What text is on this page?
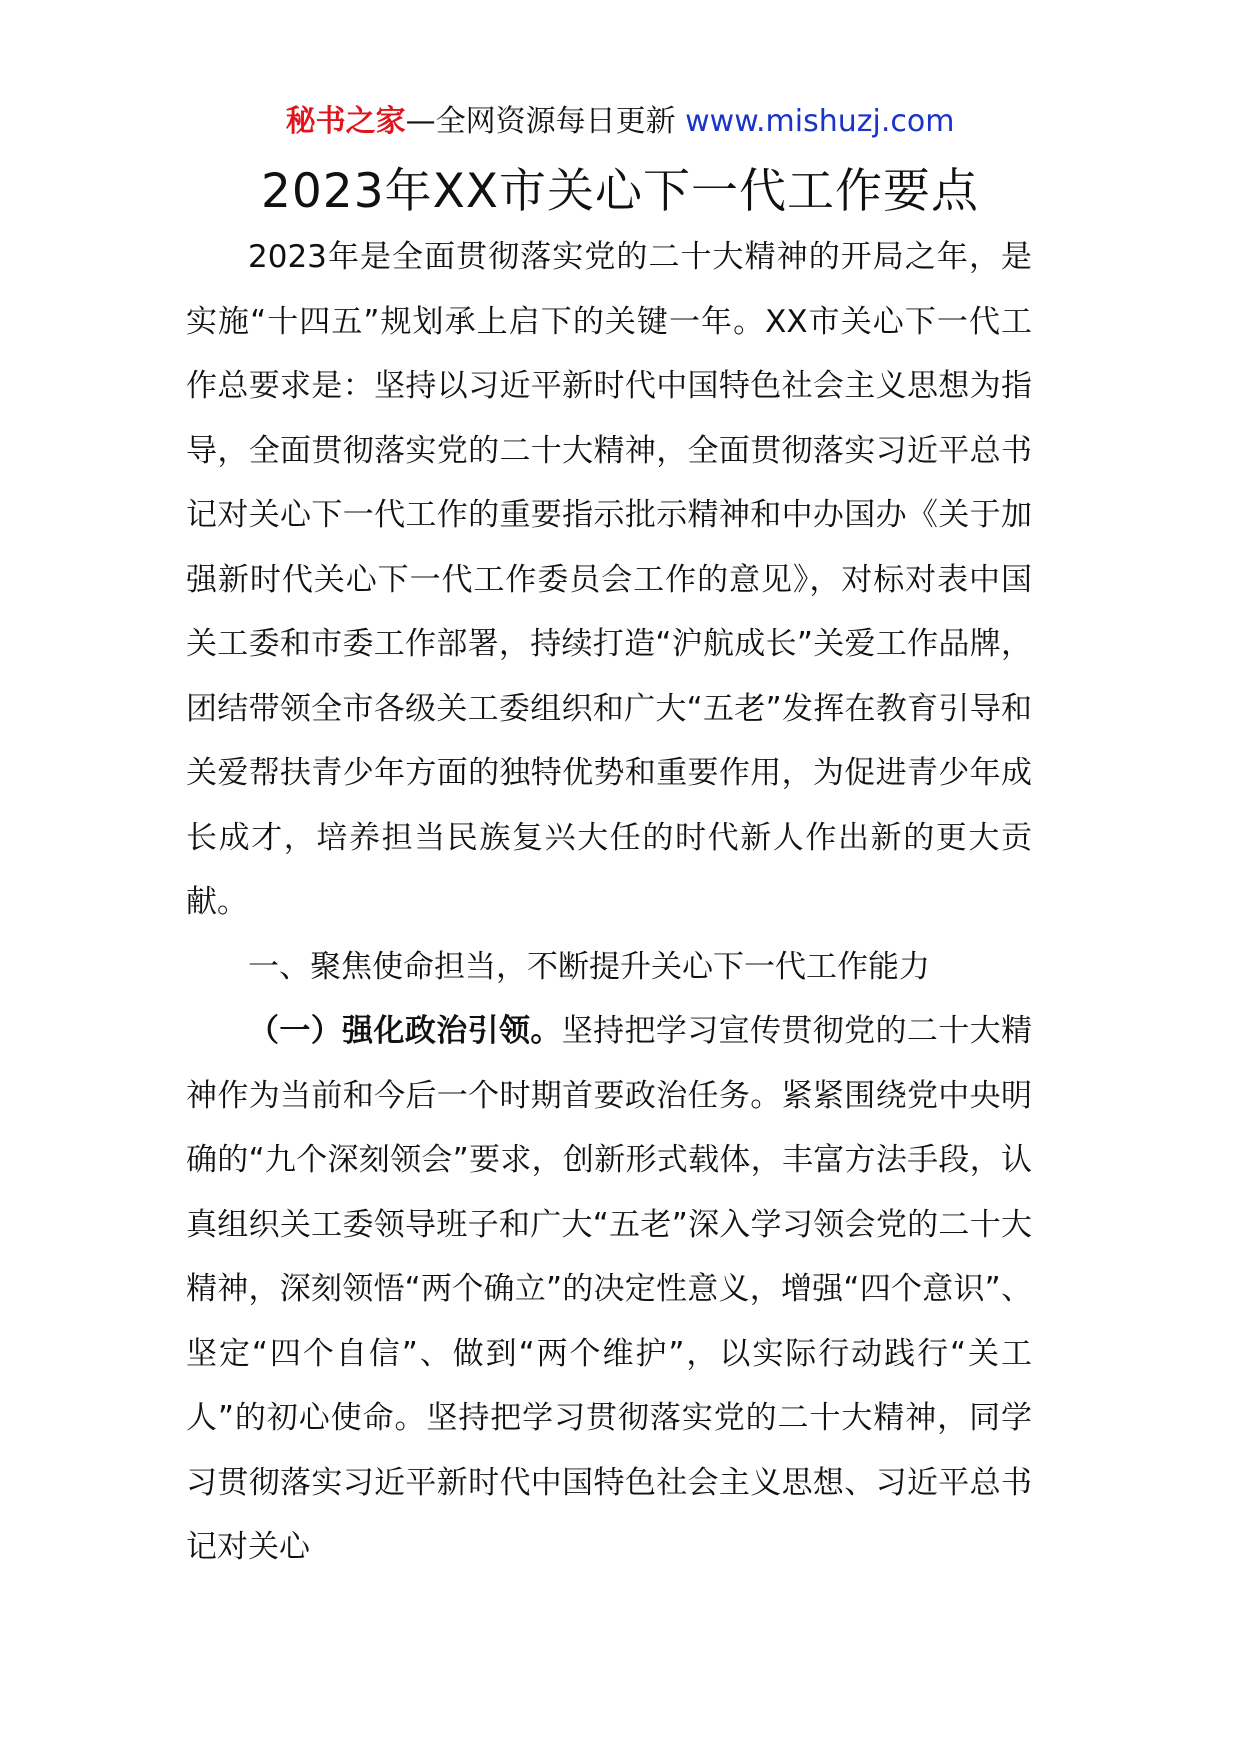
秘书之家—全网资源每日更新 www.mishuzj.com
2023年XX市关心下一代工作要点

2023年是全面贯彻落实党的二十大精神的开局之年，是实施“十四五”规划承上启下的关键一年。XX市关心下一代工作总要求是：坚持以习近平新时代中国特色社会主义思想为指导，全面贯彻落实党的二十大精神，全面贯彻落实习近平总书记对关心下一代工作的重要指示批示精神和中办国办《关于加强新时代关心下一代工作委员会工作的意见》，对标对表中国关工委和市委工作部署，持续打造“沪航成长”关爱工作品牌，团结带领全市各级关工委组织和广大“五老”发挥在教育引导和关爱帮扶青少年方面的独特优势和重要作用，为促进青少年成长成才，培养担当民族复兴大任的时代新人作出新的更大贡献。

一、聚焦使命担当，不断提升关心下一代工作能力

（一）强化政治引领。坚持把学习宣传贯彻党的二十大精神作为当前和今后一个时期首要政治任务。紧紧围绕党中央明确的“九个深刻领会”要求，创新形式载体，丰富方法手段，认真组织关工委领导班子和广大“五老”深入学习领会党的二十大精神，深刻领悟“两个确立”的决定性意义，增强“四个意识”、坚定“四个自信”、做到“两个维护”，以实际行动践行“关工人”的初心使命。坚持把学习贯彻落实党的二十大精神，同学习贯彻落实习近平新时代中国特色社会主义思想、习近平总书记对关心
